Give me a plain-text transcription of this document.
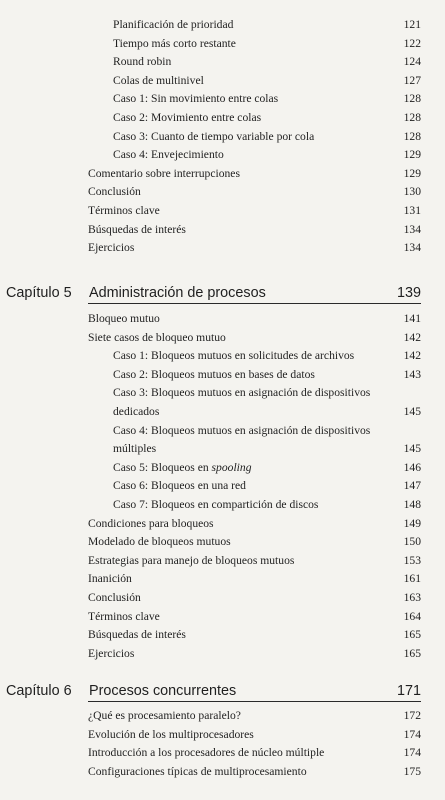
Planificación de prioridad	121
Tiempo más corto restante	122
Round robin	124
Colas de multinivel	127
Caso 1: Sin movimiento entre colas	128
Caso 2: Movimiento entre colas	128
Caso 3: Cuanto de tiempo variable por cola	128
Caso 4: Envejecimiento	129
Comentario sobre interrupciones	129
Conclusión	130
Términos clave	131
Búsquedas de interés	134
Ejercicios	134
Capítulo 5 Administración de procesos	139
Bloqueo mutuo	141
Siete casos de bloqueo mutuo	142
Caso 1: Bloqueos mutuos en solicitudes de archivos	142
Caso 2: Bloqueos mutuos en bases de datos	143
Caso 3: Bloqueos mutuos en asignación de dispositivos
dedicados	145
Caso 4: Bloqueos mutuos en asignación de dispositivos
múltiples	145
Caso 5: Bloqueos en spooling	146
Caso 6: Bloqueos en una red	147
Caso 7: Bloqueos en compartición de discos	148
Condiciones para bloqueos	149
Modelado de bloqueos mutuos	150
Estrategias para manejo de bloqueos mutuos	153
Inanición	161
Conclusión	163
Términos clave	164
Búsquedas de interés	165
Ejercicios	165
Capítulo 6 Procesos concurrentes	171
¿Qué es procesamiento paralelo?	172
Evolución de los multiprocesadores	174
Introducción a los procesadores de núcleo múltiple	174
Configuraciones típicas de multiprocesamiento	175
